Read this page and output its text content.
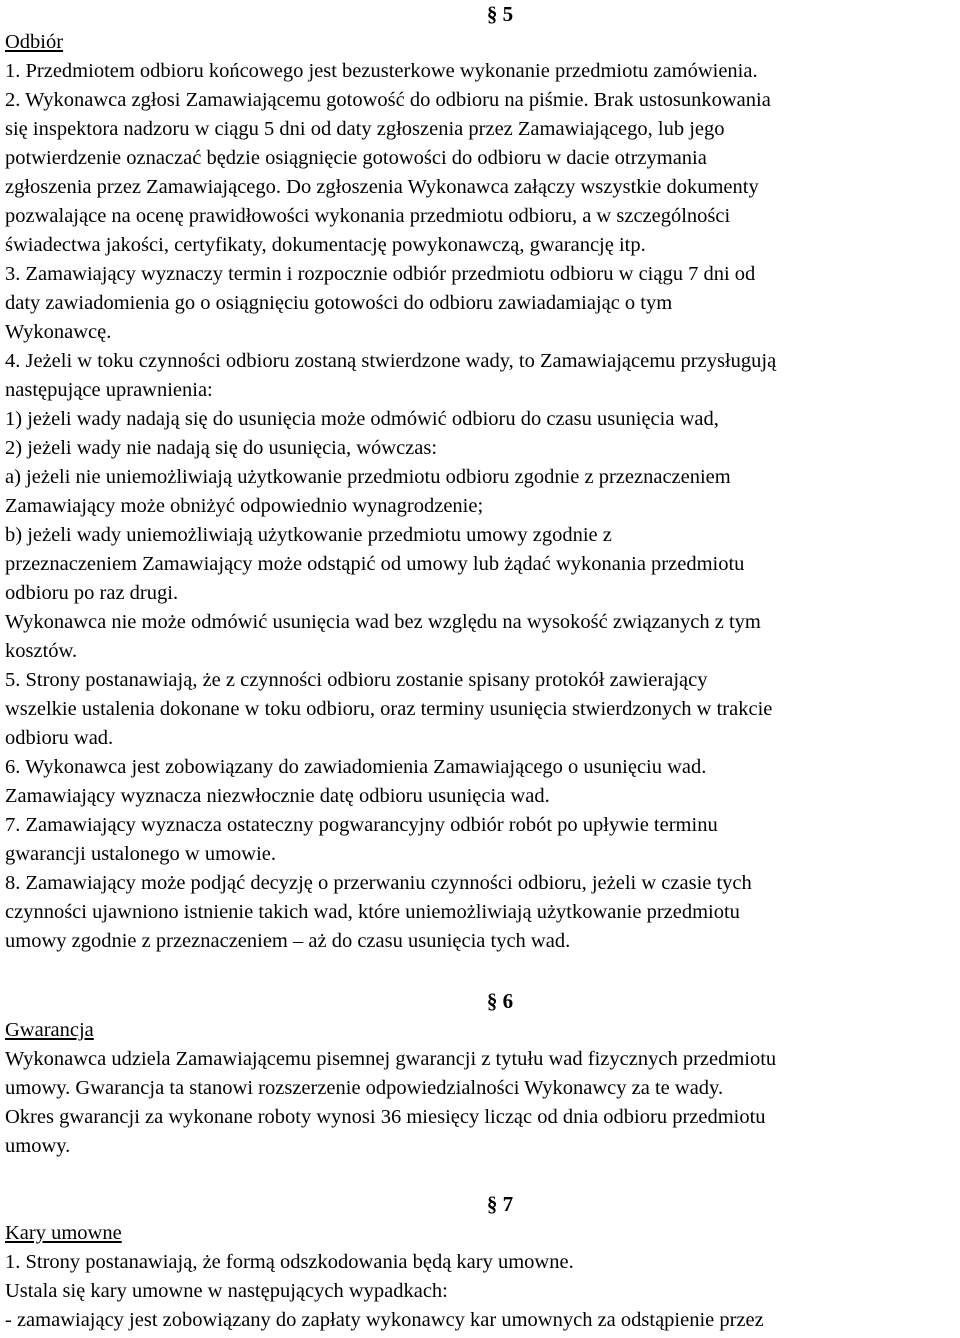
§ 5
Odbiór
1. Przedmiotem odbioru końcowego jest bezusterkowe wykonanie przedmiotu zamówienia.
2. Wykonawca zgłosi Zamawiającemu gotowość do odbioru na piśmie. Brak ustosunkowania
się inspektora nadzoru w ciągu 5 dni od daty zgłoszenia przez Zamawiającego, lub jego
potwierdzenie oznaczać będzie osiągnięcie gotowości do odbioru w dacie otrzymania
zgłoszenia przez Zamawiającego. Do zgłoszenia Wykonawca załączy wszystkie dokumenty
pozwalające na ocenę prawidłowości wykonania przedmiotu odbioru, a w szczególności
świadectwa jakości, certyfikaty, dokumentację powykonawczą, gwarancję itp.
3. Zamawiający wyznaczy termin i rozpocznie odbiór przedmiotu odbioru w ciągu 7 dni od
daty zawiadomienia go o osiągnięciu gotowości do odbioru zawiadamiając o tym
Wykonawcę.
4. Jeżeli w toku czynności odbioru zostaną stwierdzone wady, to Zamawiającemu przysługują
następujące uprawnienia:
1) jeżeli wady nadają się do usunięcia może odmówić odbioru do czasu usunięcia wad,
2) jeżeli wady nie nadają się do usunięcia, wówczas:
a) jeżeli nie uniemożliwiają użytkowanie przedmiotu odbioru zgodnie z przeznaczeniem
Zamawiający może obniżyć odpowiednio wynagrodzenie;
b) jeżeli wady uniemożliwiają użytkowanie przedmiotu umowy zgodnie z
przeznaczeniem Zamawiający może odstąpić od umowy lub żądać wykonania przedmiotu
odbioru po raz drugi.
Wykonawca nie może odmówić usunięcia wad bez względu na wysokość związanych z tym
kosztów.
5. Strony postanawiają, że z czynności odbioru zostanie spisany protokół zawierający
wszelkie ustalenia dokonane w toku odbioru, oraz terminy usunięcia stwierdzonych w trakcie
odbioru wad.
6. Wykonawca jest zobowiązany do zawiadomienia Zamawiającego o usunięciu wad.
Zamawiający wyznacza niezwłocznie datę odbioru usunięcia wad.
7. Zamawiający wyznacza ostateczny pogwarancyjny odbiór robót po upływie terminu
gwarancji ustalonego w umowie.
8. Zamawiający może podjąć decyzję o przerwaniu czynności odbioru, jeżeli w czasie tych
czynności ujawniono istnienie takich wad, które uniemożliwiają użytkowanie przedmiotu
umowy zgodnie z przeznaczeniem – aż do czasu usunięcia tych wad.
§ 6
Gwarancja
Wykonawca udziela Zamawiającemu pisemnej gwarancji z tytułu wad fizycznych przedmiotu
umowy. Gwarancja ta stanowi rozszerzenie odpowiedzialności Wykonawcy za te wady.
Okres gwarancji za wykonane roboty wynosi 36 miesięcy licząc od dnia odbioru przedmiotu
umowy.
§ 7
Kary umowne
1. Strony postanawiają, że formą odszkodowania będą kary umowne.
Ustala się kary umowne w następujących wypadkach:
- zamawiający jest zobowiązany do zapłaty wykonawcy kar umownych za odstąpienie przez
